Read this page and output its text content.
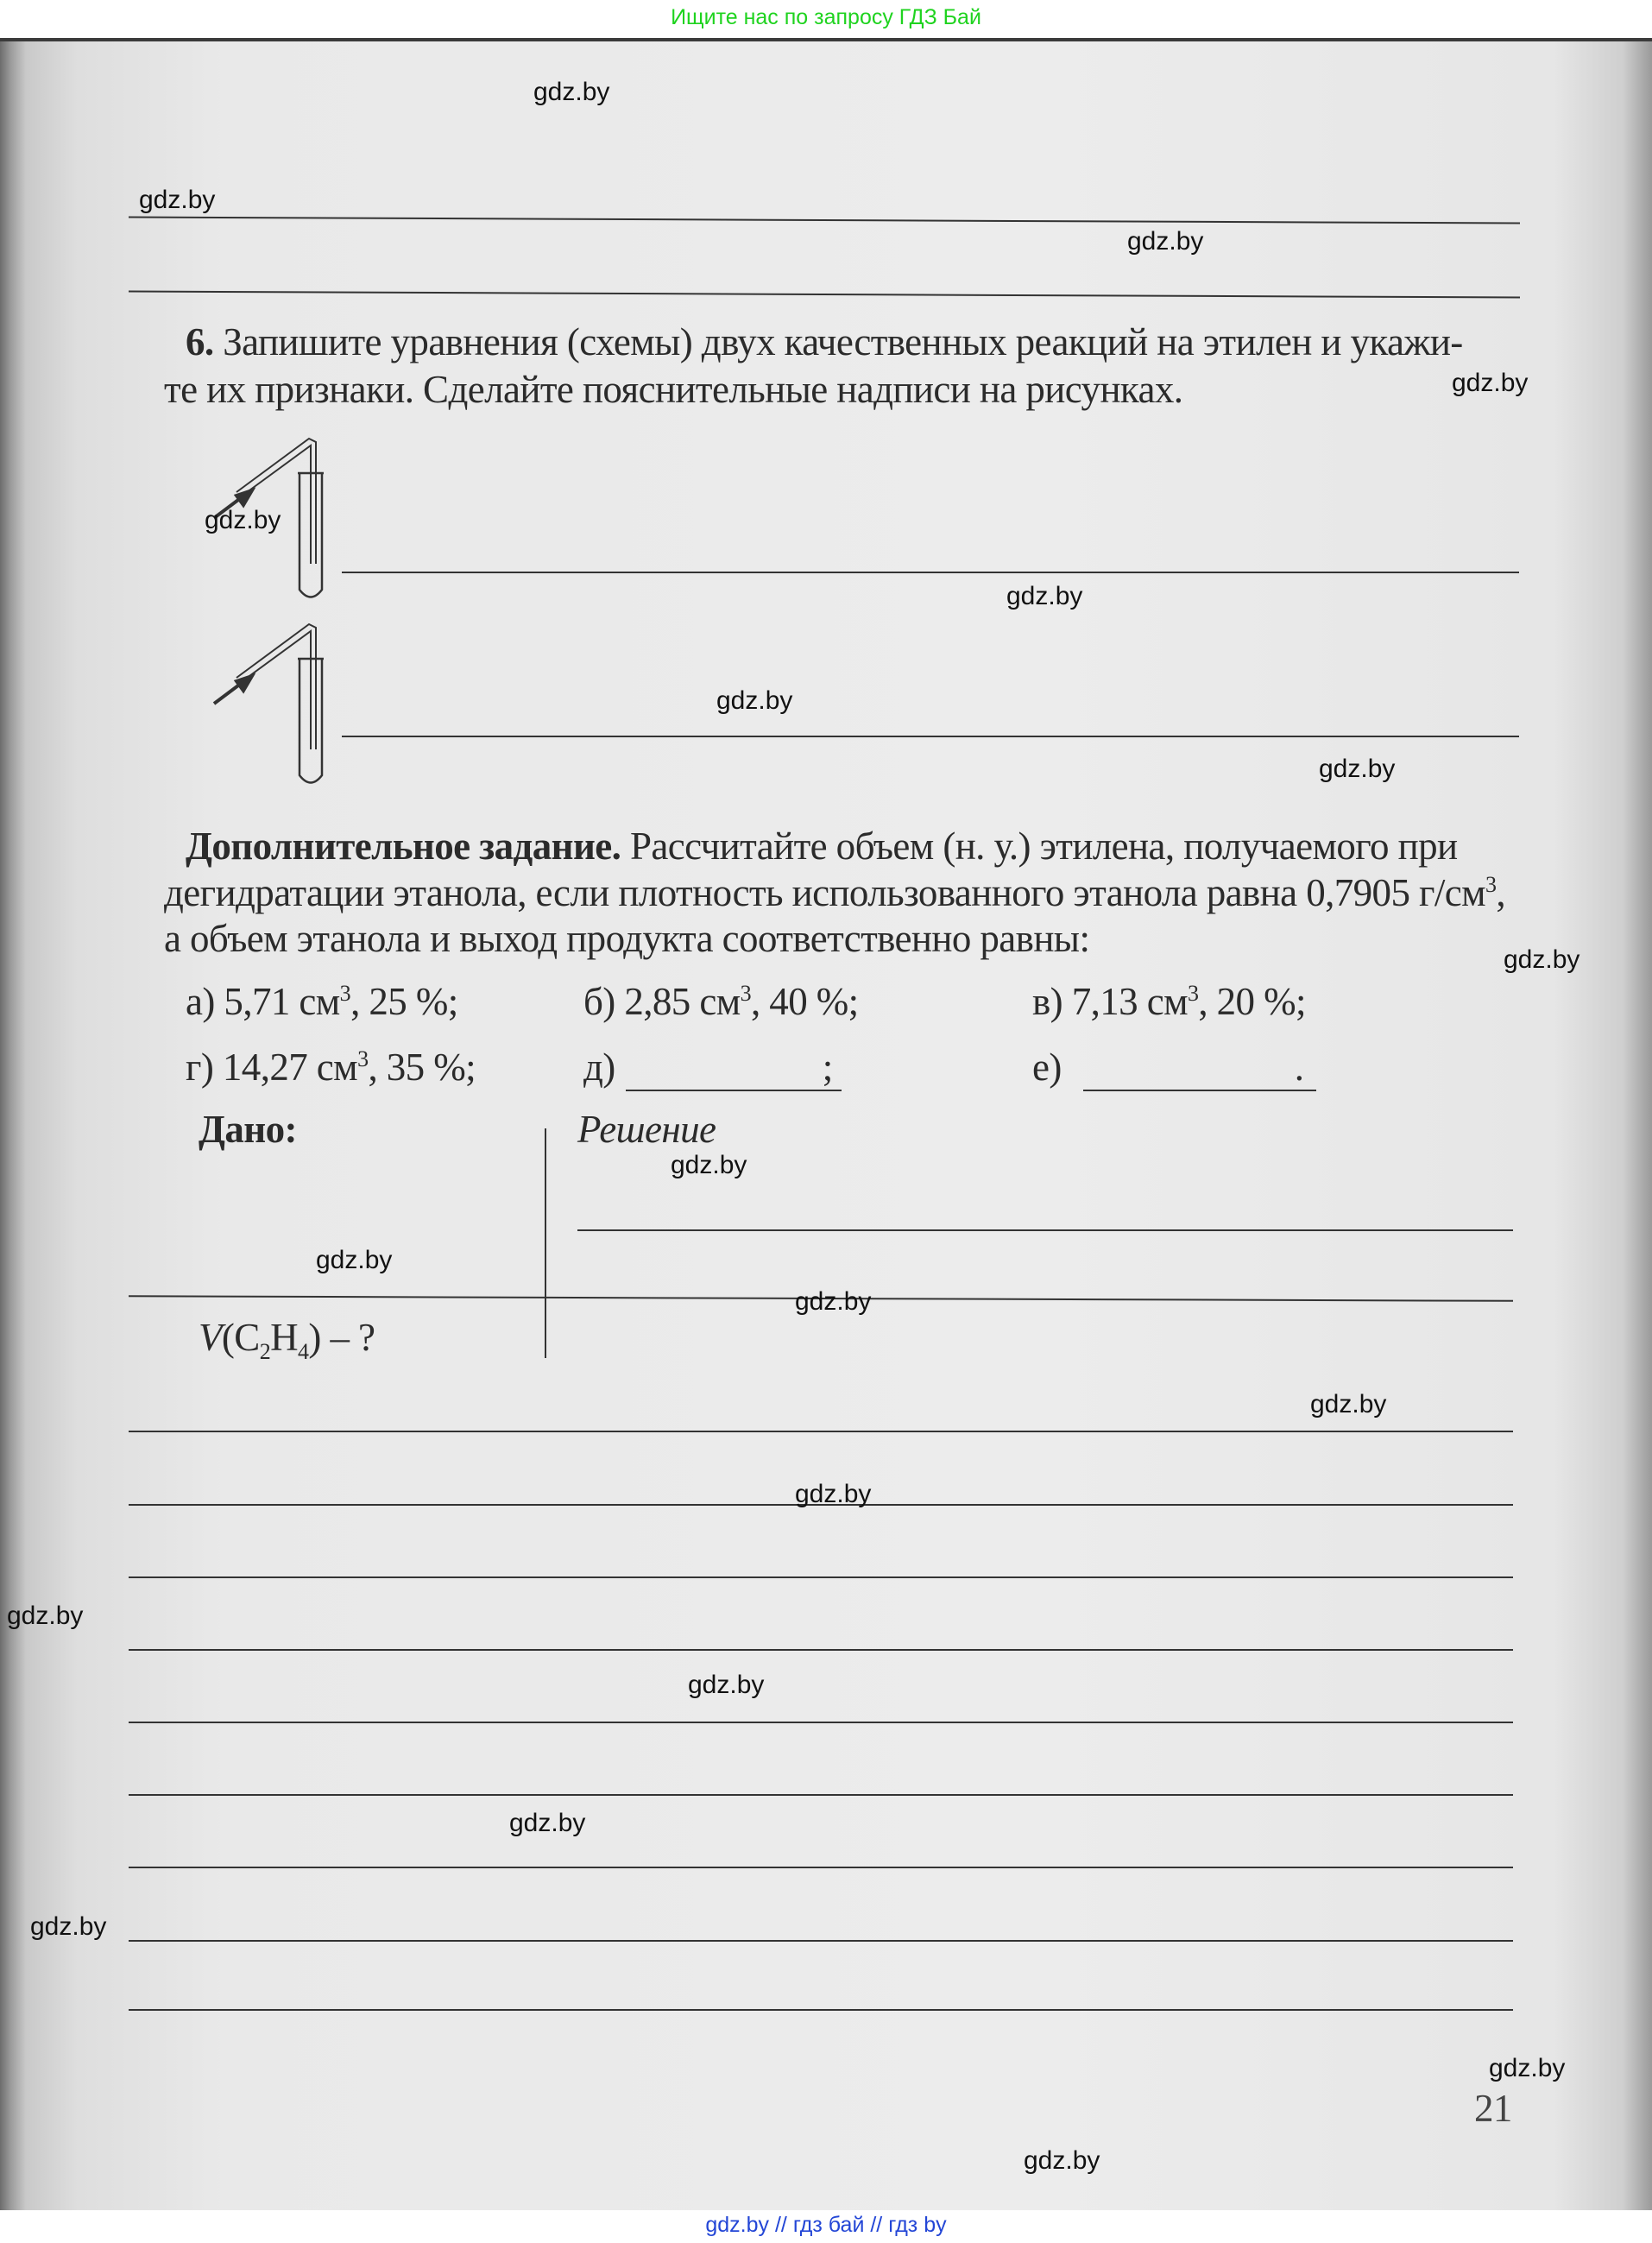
Ищите нас по запросу ГДЗ Бай
6. Запишите уравнения (схемы) двух качественных реакций на этилен и укажи-
те их признаки. Сделайте пояснительные надписи на рисунках.
Дополнительное задание. Рассчитайте объем (н. у.) этилена, получаемого при
дегидратации этанола, если плотность использованного этанола равна 0,7905 $г/см^3$,
а объем этанола и выход продукта соответственно равны:
а) 5,71 $см^3$, 25 %;	б) 2,85 $см^3$, 40 %;	в) 7,13 $см^3$, 20 %;
г) 14,27 $см^3$, 35 %;	д)	;	е)	.
Дано:	Решение
$V(C_2H_4)$ – ?
21
gdz.by
gdz.by
gdz.by
gdz.by
gdz.by
gdz.by
gdz.by
gdz.by
gdz.by
gdz.by
gdz.by
gdz.by
gdz.by
gdz.by
gdz.by
gdz.by
gdz.by
gdz.by
gdz.by
gdz.by
gdz.by // гдз бай // гдз by
